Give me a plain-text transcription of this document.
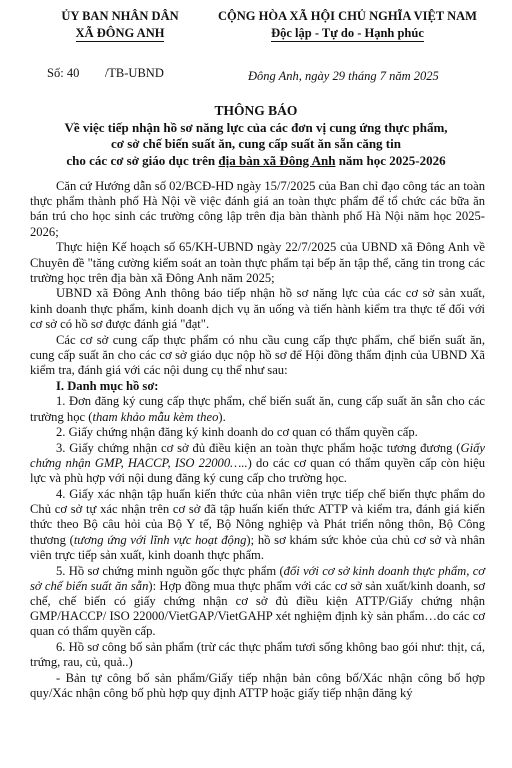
ỦY BAN NHÂN DÂN
XÃ ĐÔNG ANH
CỘNG HÒA XÃ HỘI CHỦ NGHĨA VIỆT NAM
Độc lập - Tự do - Hạnh phúc
Số: 40 /TB-UBND	Đông Anh, ngày 29 tháng 7 năm 2025
THÔNG BÁO
Về việc tiếp nhận hồ sơ năng lực của các đơn vị cung ứng thực phẩm,
cơ sở chế biến suất ăn, cung cấp suất ăn sẵn căng tin
cho các cơ sở giáo dục trên địa bàn xã Đông Anh năm học 2025-2026

Căn cứ Hướng dẫn số 02/BCĐ-HD ngày 15/7/2025 của Ban chỉ đạo công tác an toàn thực phẩm thành phố Hà Nội về việc đánh giá an toàn thực phẩm để tổ chức các bữa ăn bán trú cho học sinh các trường công lập trên địa bàn thành phố Hà Nội năm học 2025-2026;

Thực hiện Kế hoạch số 65/KH-UBND ngày 22/7/2025 của UBND xã Đông Anh về Chuyên đề "tăng cường kiểm soát an toàn thực phẩm tại bếp ăn tập thể, căng tin trong các trường học trên địa bàn xã Đông Anh năm 2025;

UBND xã Đông Anh thông báo tiếp nhận hồ sơ năng lực của các cơ sở sản xuất, kinh doanh thực phẩm, kinh doanh dịch vụ ăn uống và tiến hành kiểm tra thực tế đối với cơ sở có hồ sơ được đánh giá "đạt".

Các cơ sở cung cấp thực phẩm có nhu cầu cung cấp thực phẩm, chế biến suất ăn, cung cấp suất ăn cho các cơ sở giáo dục nộp hồ sơ để Hội đồng thẩm định của UBND Xã kiểm tra, đánh giá với các nội dung cụ thể như sau:

I. Danh mục hồ sơ:

1. Đơn đăng ký cung cấp thực phẩm, chế biến suất ăn, cung cấp suất ăn sẵn cho các trường học (tham khảo mẫu kèm theo).

2. Giấy chứng nhận đăng ký kinh doanh do cơ quan có thẩm quyền cấp.

3. Giấy chứng nhận cơ sở đủ điều kiện an toàn thực phẩm hoặc tương đương (Giấy chứng nhận GMP, HACCP, ISO 22000…..) do các cơ quan có thẩm quyền cấp còn hiệu lực và phù hợp với nội dung đăng ký cung cấp cho trường học.

4. Giấy xác nhận tập huấn kiến thức của nhân viên trực tiếp chế biến thực phẩm do Chủ cơ sở tự xác nhận trên cơ sở đã tập huấn kiến thức ATTP và kiểm tra, đánh giá kiến thức theo Bộ câu hỏi của Bộ Y tế, Bộ Nông nghiệp và Phát triển nông thôn, Bộ Công thương (tương ứng với lĩnh vực hoạt động); hồ sơ khám sức khỏe của chủ cơ sở và nhân viên trực tiếp sản xuất, kinh doanh thực phẩm.

5. Hồ sơ chứng minh nguồn gốc thực phẩm (đối với cơ sở kinh doanh thực phẩm, cơ sở chế biến suất ăn sẵn): Hợp đồng mua thực phẩm với các cơ sở sản xuất/kinh doanh, sơ chế, chế biến có giấy chứng nhận cơ sở đủ điều kiện ATTP/Giấy chứng nhận GMP/HACCP/ ISO 22000/VietGAP/VietGAHP xét nghiệm định kỳ sản phẩm…do các cơ quan có thẩm quyền cấp.

6. Hồ sơ công bố sản phẩm (trừ các thực phẩm tươi sống không bao gói như: thịt, cá, trứng, rau, củ, quả..)

- Bản tự công bố sản phẩm/Giấy tiếp nhận bản công bố/Xác nhận công bố hợp quy/Xác nhận công bố phù hợp quy định ATTP hoặc giấy tiếp nhận đăng ký
